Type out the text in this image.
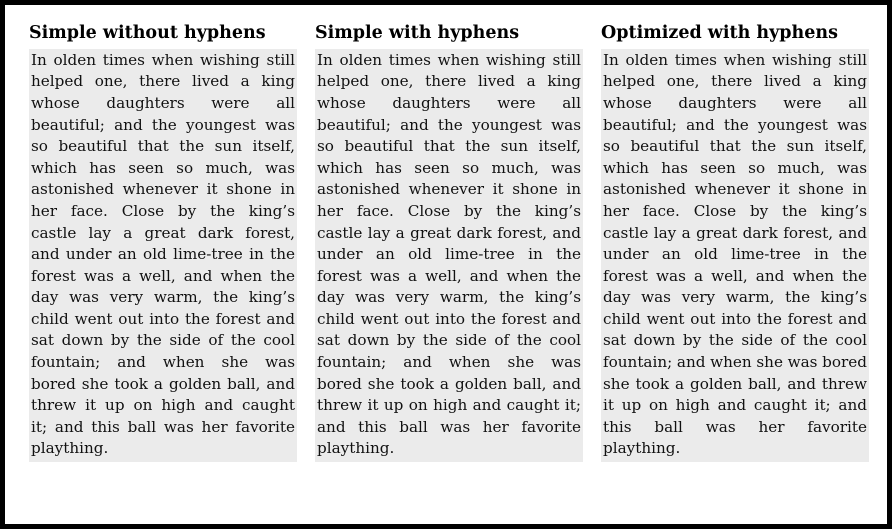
Simple without hyphens
In olden times when wishing still helped one, there lived a king whose daughters were all beautiful; and the youngest was so beautiful that the sun itself, which has seen so much, was astonished whenever it shone in her face. Close by the king’s castle lay a great dark forest, and under an old lime-tree in the forest was a well, and when the day was very warm, the king’s child went out into the forest and sat down by the side of the cool fountain; and when she was bored she took a golden ball, and threw it up on high and caught it; and this ball was her favorite plaything.
Simple with hyphens
In olden times when wishing still helped one, there lived a king whose daughters were all beautiful; and the youngest was so beautiful that the sun itself, which has seen so much, was astonished whenever it shone in her face. Close by the king’s castle lay a great dark forest, and under an old lime-tree in the forest was a well, and when the day was very warm, the king’s child went out into the forest and sat down by the side of the cool fountain; and when she was bored she took a golden ball, and threw it up on high and caught it; and this ball was her favorite plaything.
Optimized with hyphens
In olden times when wishing still helped one, there lived a king whose daughters were all beautiful; and the youngest was so beautiful that the sun itself, which has seen so much, was astonished whenever it shone in her face. Close by the king’s castle lay a great dark forest, and under an old lime-tree in the forest was a well, and when the day was very warm, the king’s child went out into the forest and sat down by the side of the cool fountain; and when she was bored she took a golden ball, and threw it up on high and caught it; and this ball was her favorite plaything.
